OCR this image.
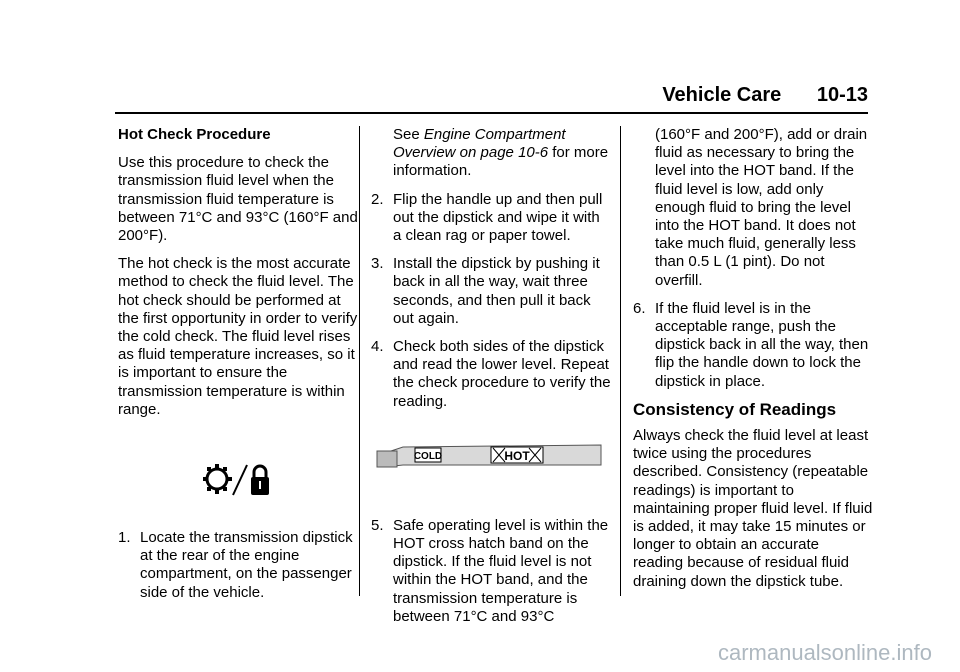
Vehicle Care 10-13

Hot Check Procedure

Use this procedure to check the transmission fluid level when the transmission fluid temperature is between 71°C and 93°C (160°F and 200°F).

The hot check is the most accurate method to check the fluid level. The hot check should be performed at the first opportunity in order to verify the cold check. The fluid level rises as fluid temperature increases, so it is important to ensure the transmission temperature is within range.

1. Locate the transmission dipstick at the rear of the engine compartment, on the passenger side of the vehicle.
See Engine Compartment Overview on page 10-6 for more information.
2. Flip the handle up and then pull out the dipstick and wipe it with a clean rag or paper towel.
3. Install the dipstick by pushing it back in all the way, wait three seconds, and then pull it back out again.
4. Check both sides of the dipstick and read the lower level. Repeat the check procedure to verify the reading.
COLD	HOT
5. Safe operating level is within the HOT cross hatch band on the dipstick. If the fluid level is not within the HOT band, and the transmission temperature is between 71°C and 93°C
(160°F and 200°F), add or drain fluid as necessary to bring the level into the HOT band. If the fluid level is low, add only enough fluid to bring the level into the HOT band. It does not take much fluid, generally less than 0.5 L (1 pint). Do not overfill.
6. If the fluid level is in the acceptable range, push the dipstick back in all the way, then flip the handle down to lock the dipstick in place.
Consistency of Readings

Always check the fluid level at least twice using the procedures described. Consistency (repeatable readings) is important to maintaining proper fluid level. If fluid is added, it may take 15 minutes or longer to obtain an accurate reading because of residual fluid draining down the dipstick tube.

carmanualsonline.info
